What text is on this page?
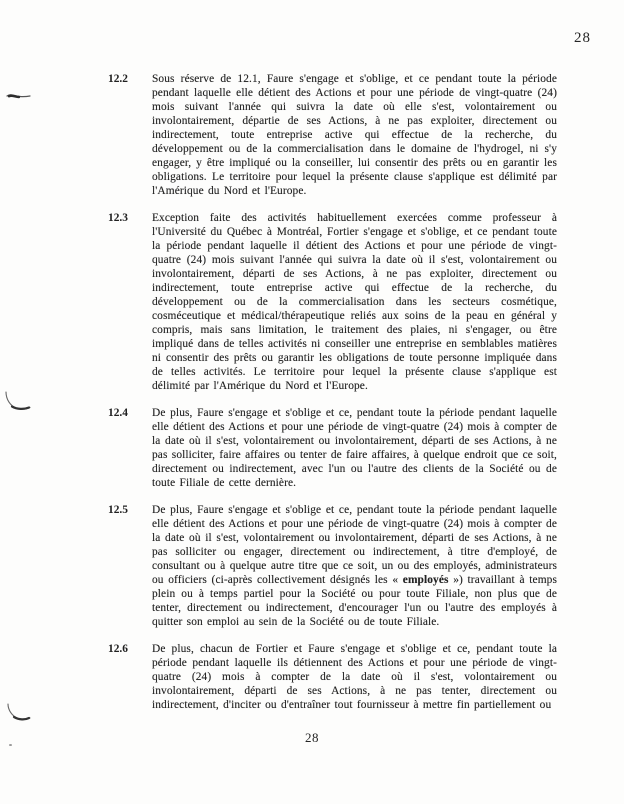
28
12.2	Sous réserve de 12.1, Faure s'engage et s'oblige, et ce pendant toute la période pendant laquelle elle détient des Actions et pour une période de vingt-quatre (24) mois suivant l'année qui suivra la date où elle s'est, volontairement ou involontairement, départie de ses Actions, à ne pas exploiter, directement ou indirectement, toute entreprise active qui effectue de la recherche, du développement ou de la commercialisation dans le domaine de l'hydrogel, ni s'y engager, y être impliqué ou la conseiller, lui consentir des prêts ou en garantir les obligations. Le territoire pour lequel la présente clause s'applique est délimité par l'Amérique du Nord et l'Europe.
12.3	Exception faite des activités habituellement exercées comme professeur à l'Université du Québec à Montréal, Fortier s'engage et s'oblige, et ce pendant toute la période pendant laquelle il détient des Actions et pour une période de vingt-quatre (24) mois suivant l'année qui suivra la date où il s'est, volontairement ou involontairement, départi de ses Actions, à ne pas exploiter, directement ou indirectement, toute entreprise active qui effectue de la recherche, du développement ou de la commercialisation dans les secteurs cosmétique, cosméceutique et médical/thérapeutique reliés aux soins de la peau en général y compris, mais sans limitation, le traitement des plaies, ni s'engager, ou être impliqué dans de telles activités ni conseiller une entreprise en semblables matières ni consentir des prêts ou garantir les obligations de toute personne impliquée dans de telles activités. Le territoire pour lequel la présente clause s'applique est délimité par l'Amérique du Nord et l'Europe.
12.4	De plus, Faure s'engage et s'oblige et ce, pendant toute la période pendant laquelle elle détient des Actions et pour une période de vingt-quatre (24) mois à compter de la date où il s'est, volontairement ou involontairement, départi de ses Actions, à ne pas solliciter, faire affaires ou tenter de faire affaires, à quelque endroit que ce soit, directement ou indirectement, avec l'un ou l'autre des clients de la Société ou de toute Filiale de cette dernière.
12.5	De plus, Faure s'engage et s'oblige et ce, pendant toute la période pendant laquelle elle détient des Actions et pour une période de vingt-quatre (24) mois à compter de la date où il s'est, volontairement ou involontairement, départi de ses Actions, à ne pas solliciter ou engager, directement ou indirectement, à titre d'employé, de consultant ou à quelque autre titre que ce soit, un ou des employés, administrateurs ou officiers (ci-après collectivement désignés les « employés ») travaillant à temps plein ou à temps partiel pour la Société ou pour toute Filiale, non plus que de tenter, directement ou indirectement, d'encourager l'un ou l'autre des employés à quitter son emploi au sein de la Société ou de toute Filiale.
12.6	De plus, chacun de Fortier et Faure s'engage et s'oblige et ce, pendant toute la période pendant laquelle ils détiennent des Actions et pour une période de vingt-quatre (24) mois à compter de la date où il s'est, volontairement ou involontairement, départi de ses Actions, à ne pas tenter, directement ou indirectement, d'inciter ou d'entraîner tout fournisseur à mettre fin partiellement ou
28
